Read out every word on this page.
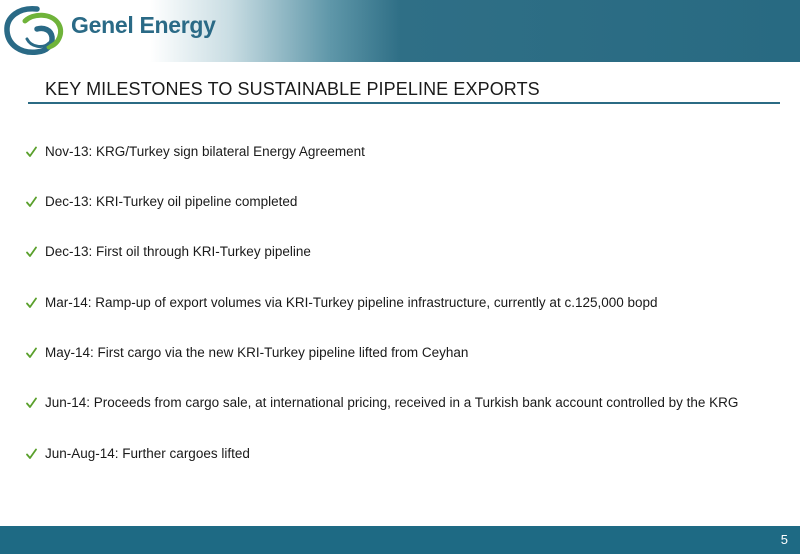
Genel Energy
KEY MILESTONES TO SUSTAINABLE PIPELINE EXPORTS
Nov-13: KRG/Turkey sign bilateral Energy Agreement
Dec-13: KRI-Turkey oil pipeline completed
Dec-13: First oil through KRI-Turkey pipeline
Mar-14: Ramp-up of export volumes via KRI-Turkey pipeline infrastructure, currently at c.125,000 bopd
May-14: First cargo via the new KRI-Turkey pipeline lifted from Ceyhan
Jun-14: Proceeds from cargo sale, at international pricing, received in a Turkish bank account controlled by the KRG
Jun-Aug-14: Further cargoes lifted
5
